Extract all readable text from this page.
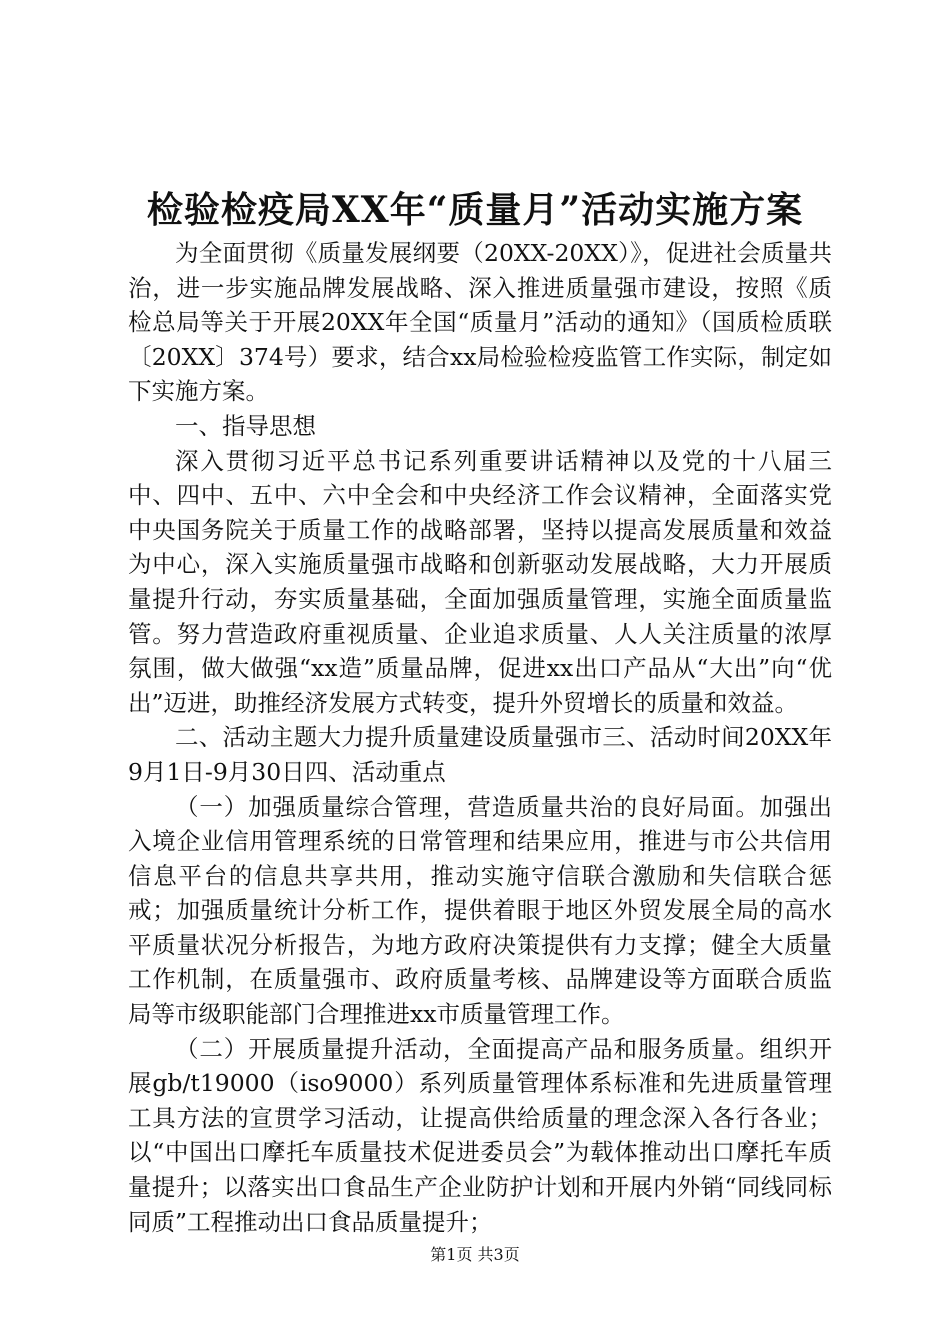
检验检疫局XX年“质量月”活动实施方案

为全面贯彻《质量发展纲要（20XX-20XX）》，促进社会质量共治，进一步实施品牌发展战略、深入推进质量强市建设，按照《质检总局等关于开展20XX年全国“质量月”活动的通知》（国质检质联〔20XX〕374号）要求，结合xx局检验检疫监管工作实际，制定如下实施方案。

一、指导思想

深入贯彻习近平总书记系列重要讲话精神以及党的十八届三中、四中、五中、六中全会和中央经济工作会议精神，全面落实党中央国务院关于质量工作的战略部署，坚持以提高发展质量和效益为中心，深入实施质量强市战略和创新驱动发展战略，大力开展质量提升行动，夯实质量基础，全面加强质量管理，实施全面质量监管。努力营造政府重视质量、企业追求质量、人人关注质量的浓厚氛围，做大做强“xx造”质量品牌，促进xx出口产品从“大出”向“优出”迈进，助推经济发展方式转变，提升外贸增长的质量和效益。

二、活动主题大力提升质量建设质量强市三、活动时间20XX年9月1日-9月30日四、活动重点

（一）加强质量综合管理，营造质量共治的良好局面。加强出入境企业信用管理系统的日常管理和结果应用，推进与市公共信用信息平台的信息共享共用，推动实施守信联合激励和失信联合惩戒；加强质量统计分析工作，提供着眼于地区外贸发展全局的高水平质量状况分析报告，为地方政府决策提供有力支撑；健全大质量工作机制，在质量强市、政府质量考核、品牌建设等方面联合质监局等市级职能部门合理推进xx市质量管理工作。

（二）开展质量提升活动，全面提高产品和服务质量。组织开展gb/t19000（iso9000）系列质量管理体系标准和先进质量管理工具方法的宣贯学习活动，让提高供给质量的理念深入各行各业；以“中国出口摩托车质量技术促进委员会”为载体推动出口摩托车质量提升；以落实出口食品生产企业防护计划和开展内外销“同线同标同质”工程推动出口食品质量提升；

第1页 共3页
